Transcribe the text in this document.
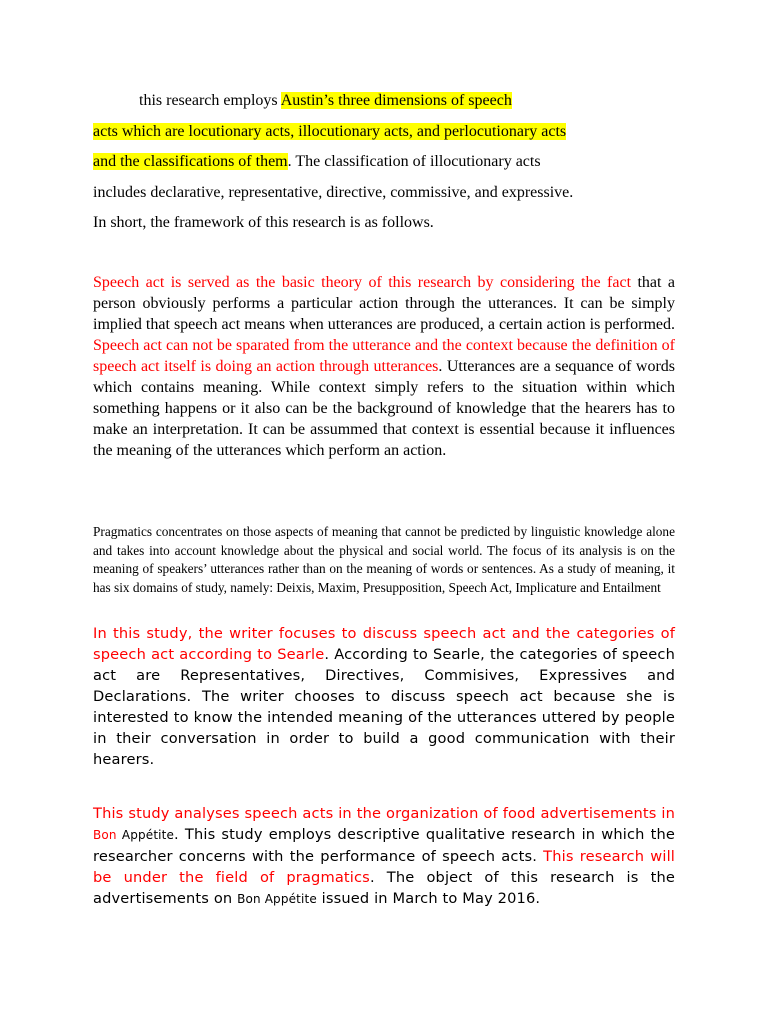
this research employs Austin’s three dimensions of speech
acts which are locutionary acts, illocutionary acts, and perlocutionary acts
and the classifications of them. The classification of illocutionary acts
includes declarative, representative, directive, commissive, and expressive.
In short, the framework of this research is as follows.
Speech act is served as the basic theory of this research by considering the fact that a person obviously performs a particular action through the utterances. It can be simply implied that speech act means when utterances are produced, a certain action is performed. Speech act can not be sparated from the utterance and the context because the definition of speech act itself is doing an action through utterances. Utterances are a sequance of words which contains meaning. While context simply refers to the situation within which something happens or it also can be the background of knowledge that the hearers has to make an interpretation. It can be assummed that context is essential because it influences the meaning of the utterances which perform an action.
Pragmatics concentrates on those aspects of meaning that cannot be predicted by linguistic knowledge alone and takes into account knowledge about the physical and social world. The focus of its analysis is on the meaning of speakers’ utterances rather than on the meaning of words or sentences. As a study of meaning, it has six domains of study, namely: Deixis, Maxim, Presupposition, Speech Act, Implicature and Entailment
In this study, the writer focuses to discuss speech act and the categories of speech act according to Searle. According to Searle, the categories of speech act are Representatives, Directives, Commisives, Expressives and Declarations. The writer chooses to discuss speech act because she is interested to know the intended meaning of the utterances uttered by people in their conversation in order to build a good communication with their hearers.
This study analyses speech acts in the organization of food advertisements in Bon Appétite. This study employs descriptive qualitative research in which the researcher concerns with the performance of speech acts. This research will be under the field of pragmatics. The object of this research is the advertisements on Bon Appétite issued in March to May 2016.
